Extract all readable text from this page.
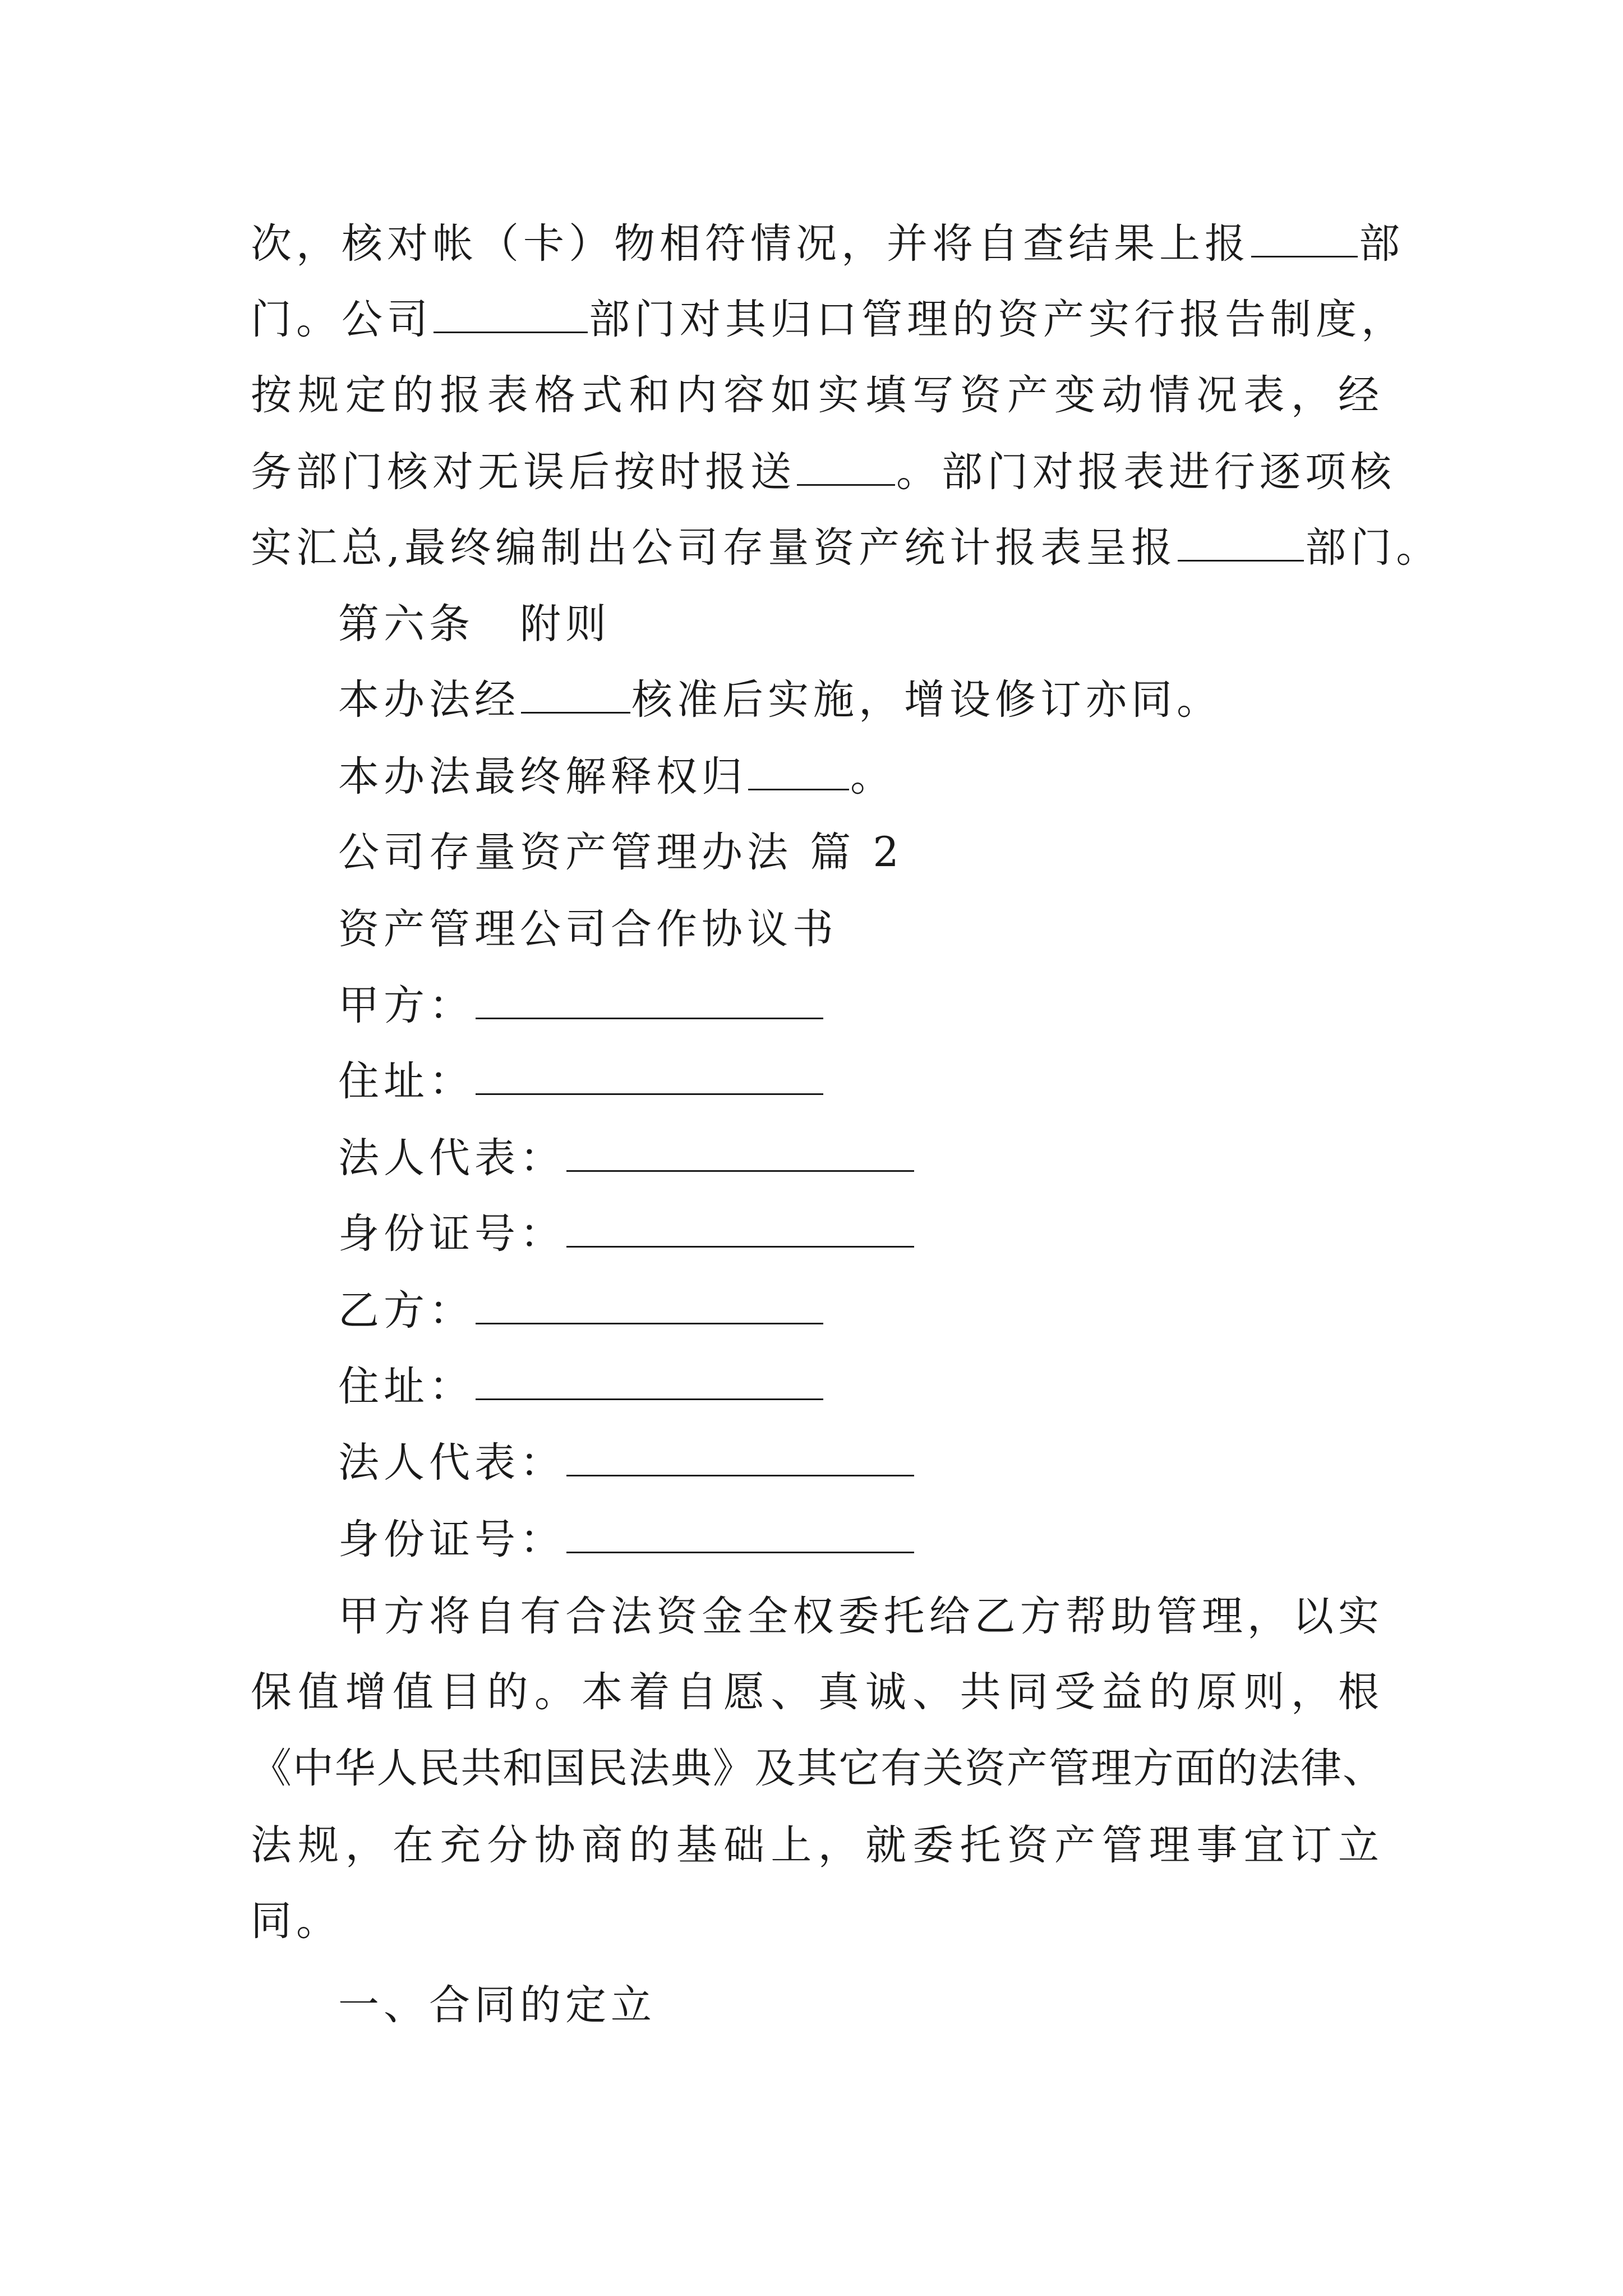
次，核对帐（卡）物相符情况，并将自查结果上报	部
门。公司	部门对其归口管理的资产实行报告制度，
按规定的报表格式和内容如实填写资产变动情况表，经
务部门核对无误后按时报送 。部门对报表进行逐项核
实汇总,最终编制出公司存量资产统计报表呈报	部门。
第六条　附则
本办法经	核准后实施，增设修订亦同。
本办法最终解释权归	。
公司存量资产管理办法 篇 2
资产管理公司合作协议书
甲方：
住址：
法人代表：
身份证号：
乙方：
住址：
法人代表：
身份证号：
甲方将自有合法资金全权委托给乙方帮助管理，以实
保值增值目的。本着自愿、真诚、共同受益的原则，根
《中华人民共和国民法典》及其它有关资产管理方面的法律、
法规，在充分协商的基础上，就委托资产管理事宜订立
同。
一、合同的定立
